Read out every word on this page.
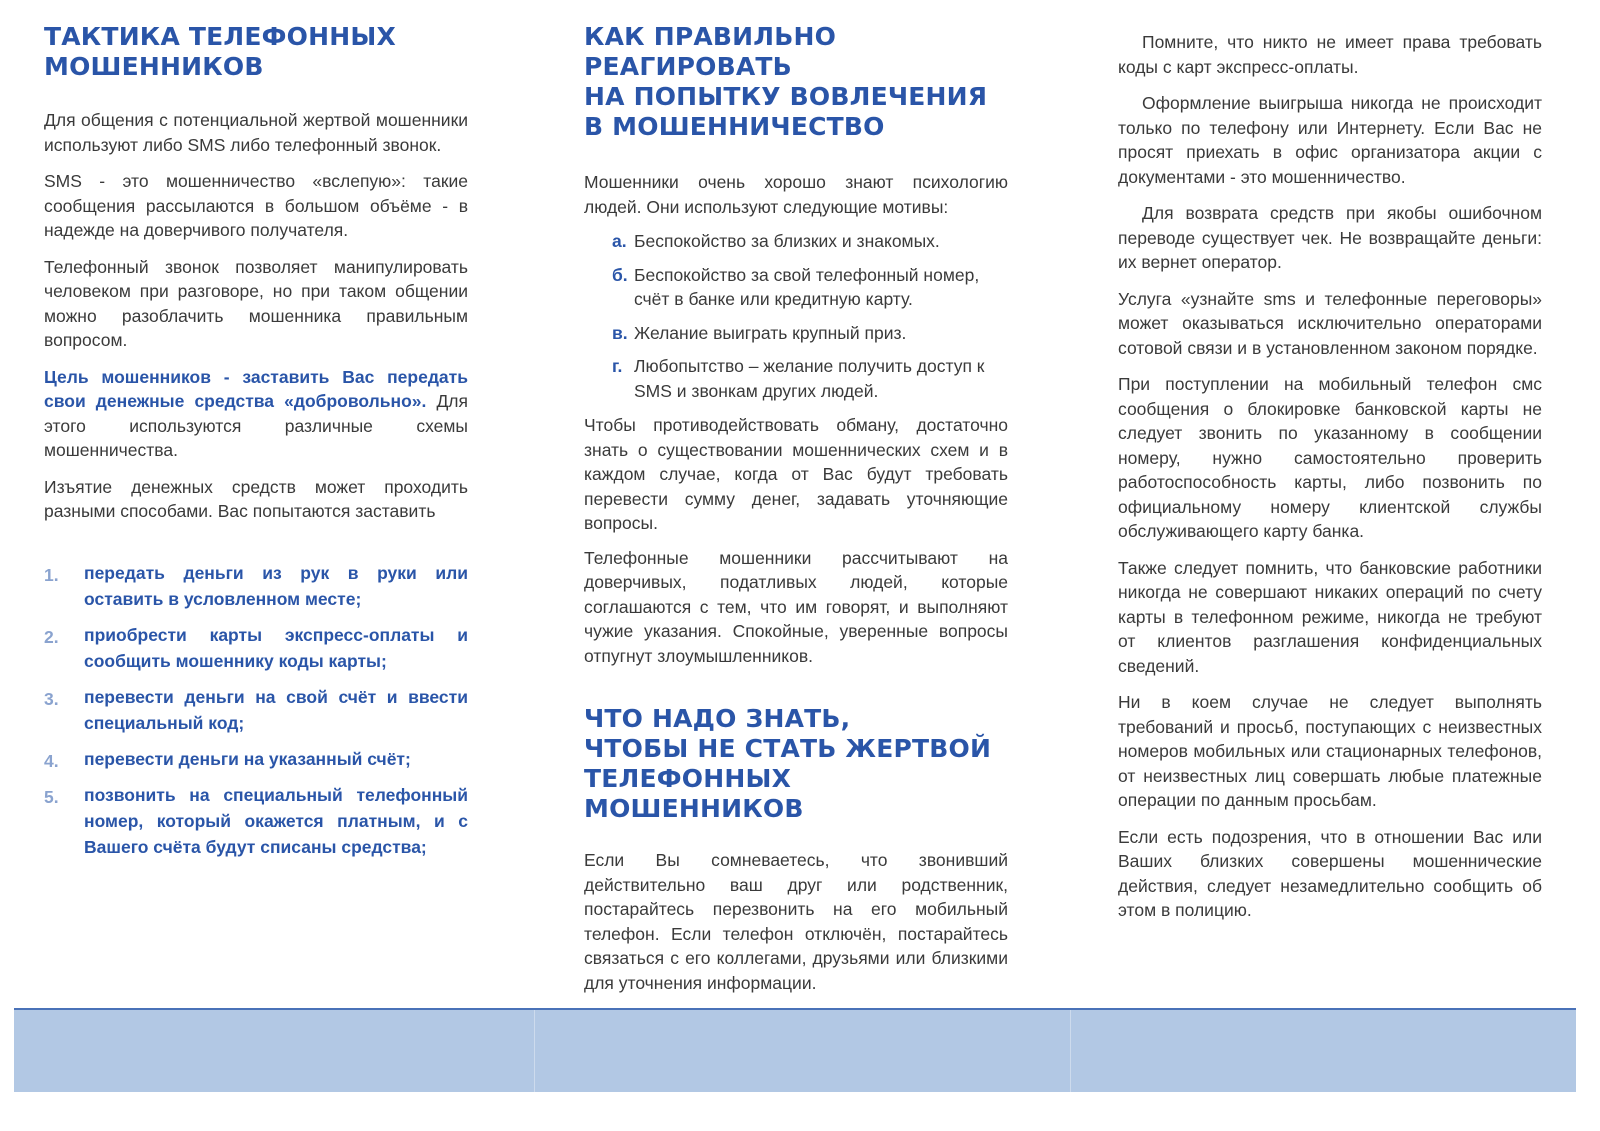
ТАКТИКА ТЕЛЕФОННЫХ
МОШЕННИКОВ

Для общения с потенциальной жертвой мошенники используют либо SMS либо телефонный звонок.

SMS - это мошенничество «вслепую»: такие сообщения рассылаются в большом объёме - в надежде на доверчивого получателя.

Телефонный звонок позволяет манипулировать человеком при разговоре, но при таком общении можно разоблачить мошенника правильным вопросом.

Цель мошенников - заставить Вас передать свои денежные средства «добровольно». Для этого используются различные схемы мошенничества.

Изъятие денежных средств может проходить разными способами. Вас попытаются заставить

1. передать деньги из рук в руки или оставить в условленном месте;
2. приобрести карты экспресс-оплаты и сообщить мошеннику коды карты;
3. перевести деньги на свой счёт и ввести специальный код;
4. перевести деньги на указанный счёт;
5. позвонить на специальный телефонный номер, который окажется платным, и с Вашего счёта будут списаны средства;
КАК ПРАВИЛЬНО РЕАГИРОВАТЬ
НА ПОПЫТКУ ВОВЛЕЧЕНИЯ
В МОШЕННИЧЕСТВО

Мошенники очень хорошо знают психологию людей. Они используют следующие мотивы:

а. Беспокойство за близких и знакомых.
б. Беспокойство за свой телефонный номер, счёт в банке или кредитную карту.
в. Желание выиграть крупный приз.
г. Любопытство – желание получить доступ к SMS и звонкам других людей.

Чтобы противодействовать обману, достаточно знать о существовании мошеннических схем и в каждом случае, когда от Вас будут требовать перевести сумму денег, задавать уточняющие вопросы.

Телефонные мошенники рассчитывают на доверчивых, податливых людей, которые соглашаются с тем, что им говорят, и выполняют чужие указания. Спокойные, уверенные вопросы отпугнут злоумышленников.

ЧТО НАДО ЗНАТЬ,
ЧТОБЫ НЕ СТАТЬ ЖЕРТВОЙ
ТЕЛЕФОННЫХ МОШЕННИКОВ

Если Вы сомневаетесь, что звонивший действительно ваш друг или родственник, постарайтесь перезвонить на его мобильный телефон. Если телефон отключён, постарайтесь связаться с его коллегами, друзьями или близкими для уточнения информации.

Помните, что никто не имеет права требовать коды с карт экспресс-оплаты.

Оформление выигрыша никогда не происходит только по телефону или Интернету. Если Вас не просят приехать в офис организатора акции с документами - это мошенничество.

Для возврата средств при якобы ошибочном переводе существует чек. Не возвращайте деньги: их вернет оператор.

Услуга «узнайте sms и телефонные переговоры» может оказываться исключительно операторами сотовой связи и в установленном законом порядке.

При поступлении на мобильный телефон смс сообщения о блокировке банковской карты не следует звонить по указанному в сообщении номеру, нужно самостоятельно проверить работоспособность карты, либо позвонить по официальному номеру клиентской службы обслуживающего карту банка.

Также следует помнить, что банковские работники никогда не совершают никаких операций по счету карты в телефонном режиме, никогда не требуют от клиентов разглашения конфиденциальных сведений.

Ни в коем случае не следует выполнять требований и просьб, поступающих с неизвестных номеров мобильных или стационарных телефонов, от неизвестных лиц совершать любые платежные операции по данным просьбам.

Если есть подозрения, что в отношении Вас или Ваших близких совершены мошеннические действия, следует незамедлительно сообщить об этом в полицию.
